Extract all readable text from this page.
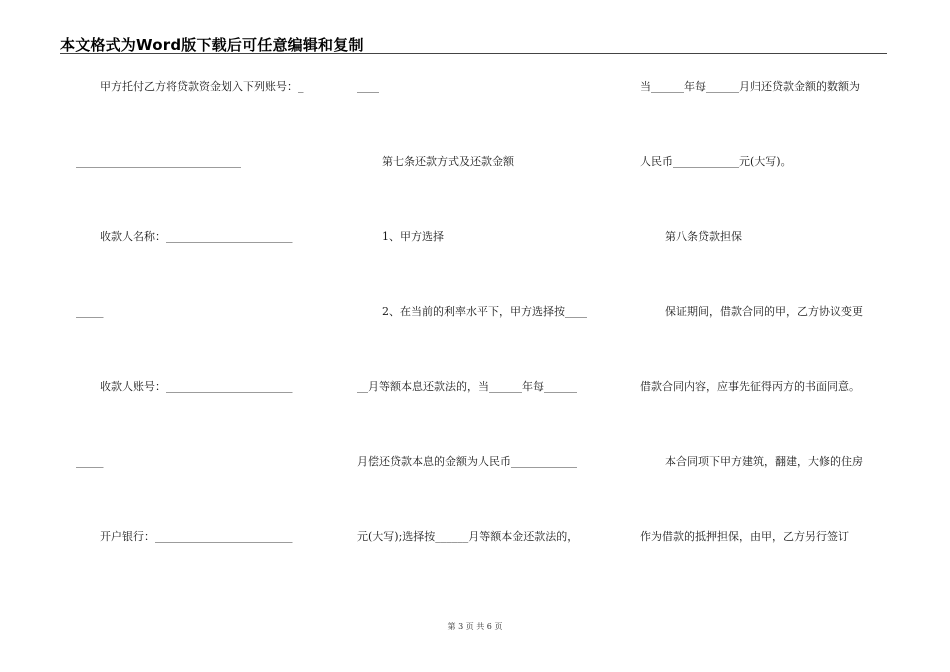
本文格式为Word版下载后可任意编辑和复制
甲方托付乙方将贷款资金划入下列账号：_
______________________________
收款人名称：_______________________
_____
收款人账号：_______________________
_____
开户银行：_________________________
____
第七条还款方式及还款金额
1、甲方选择
2、在当前的利率水平下，甲方选择按____
__月等额本息还款法的，当______年每______
月偿还贷款本息的金额为人民币____________
元(大写);选择按______月等额本金还款法的，
当______年每______月归还贷款金额的数额为
人民币____________元(大写)。
第八条贷款担保
保证期间，借款合同的甲，乙方协议变更
借款合同内容，应事先征得丙方的书面同意。
本合同项下甲方建筑，翻建，大修的住房
作为借款的抵押担保，由甲，乙方另行签订
第 3 页 共 6 页
